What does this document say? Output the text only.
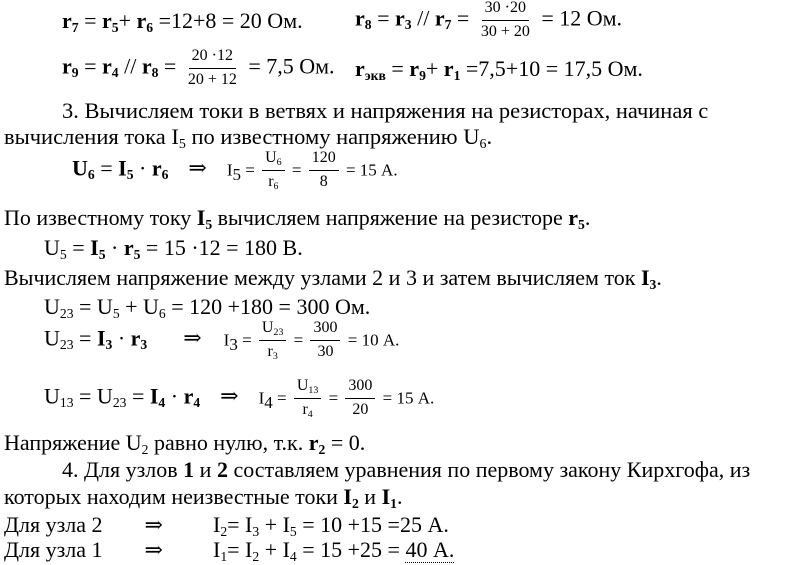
$r_7 = r_5+ r_6 =12+8 = 20$ Ом. $r_8 = r_3 // r_7 = \frac{30 \cdot 20}{30 + 20} = 12$ Ом.
$r_9 = r_4 // r_8 = \frac{20 \cdot 12}{20 + 12} = 7,5$ Ом. $r_{экв} = r_9+ r_1 =7,5+10 = 17,5$ Ом.
3. Вычисляем токи в ветвях и напряжения на резисторах, начиная с
вычисления тока $I_5$ по известному напряжению $U_6$.
$U_6 = I_5 \cdot r_6$ ⇒ $I_5 = \frac{U_6}{r_6} = \frac{120}{8} = 15$ А.
По известному току $I_5$ вычисляем напряжение на резисторе $r_5$.
$U_5 = I_5 \cdot r_5 = 15 \cdot 12 = 180$ В.
Вычисляем напряжение между узлами 2 и 3 и затем вычисляем ток $I_3$.
$U_{23} = U_5 + U_6 = 120 +180 = 300$ Ом.
$U_{23} = I_3 \cdot r_3$ ⇒ $I_3 = \frac{U_{23}}{r_3} = \frac{300}{30} = 10$ А.
$U_{13} = U_{23} = I_4 \cdot r_4$ ⇒ $I_4 = \frac{U_{13}}{r_4} = \frac{300}{20} = 15$ А.
Напряжение $U_2$ равно нулю, т.к. $r_2 = 0$.
4. Для узлов 1 и 2 составляем уравнения по первому закону Кирхгофа, из
которых находим неизвестные токи $I_2$ и $I_1$.
Для узла 2 ⇒ $I_2= I_3 + I_5 = 10 +15 =25$ А.
Для узла 1 ⇒ $I_1= I_2 + I_4 = 15 +25 = 40$ А.
